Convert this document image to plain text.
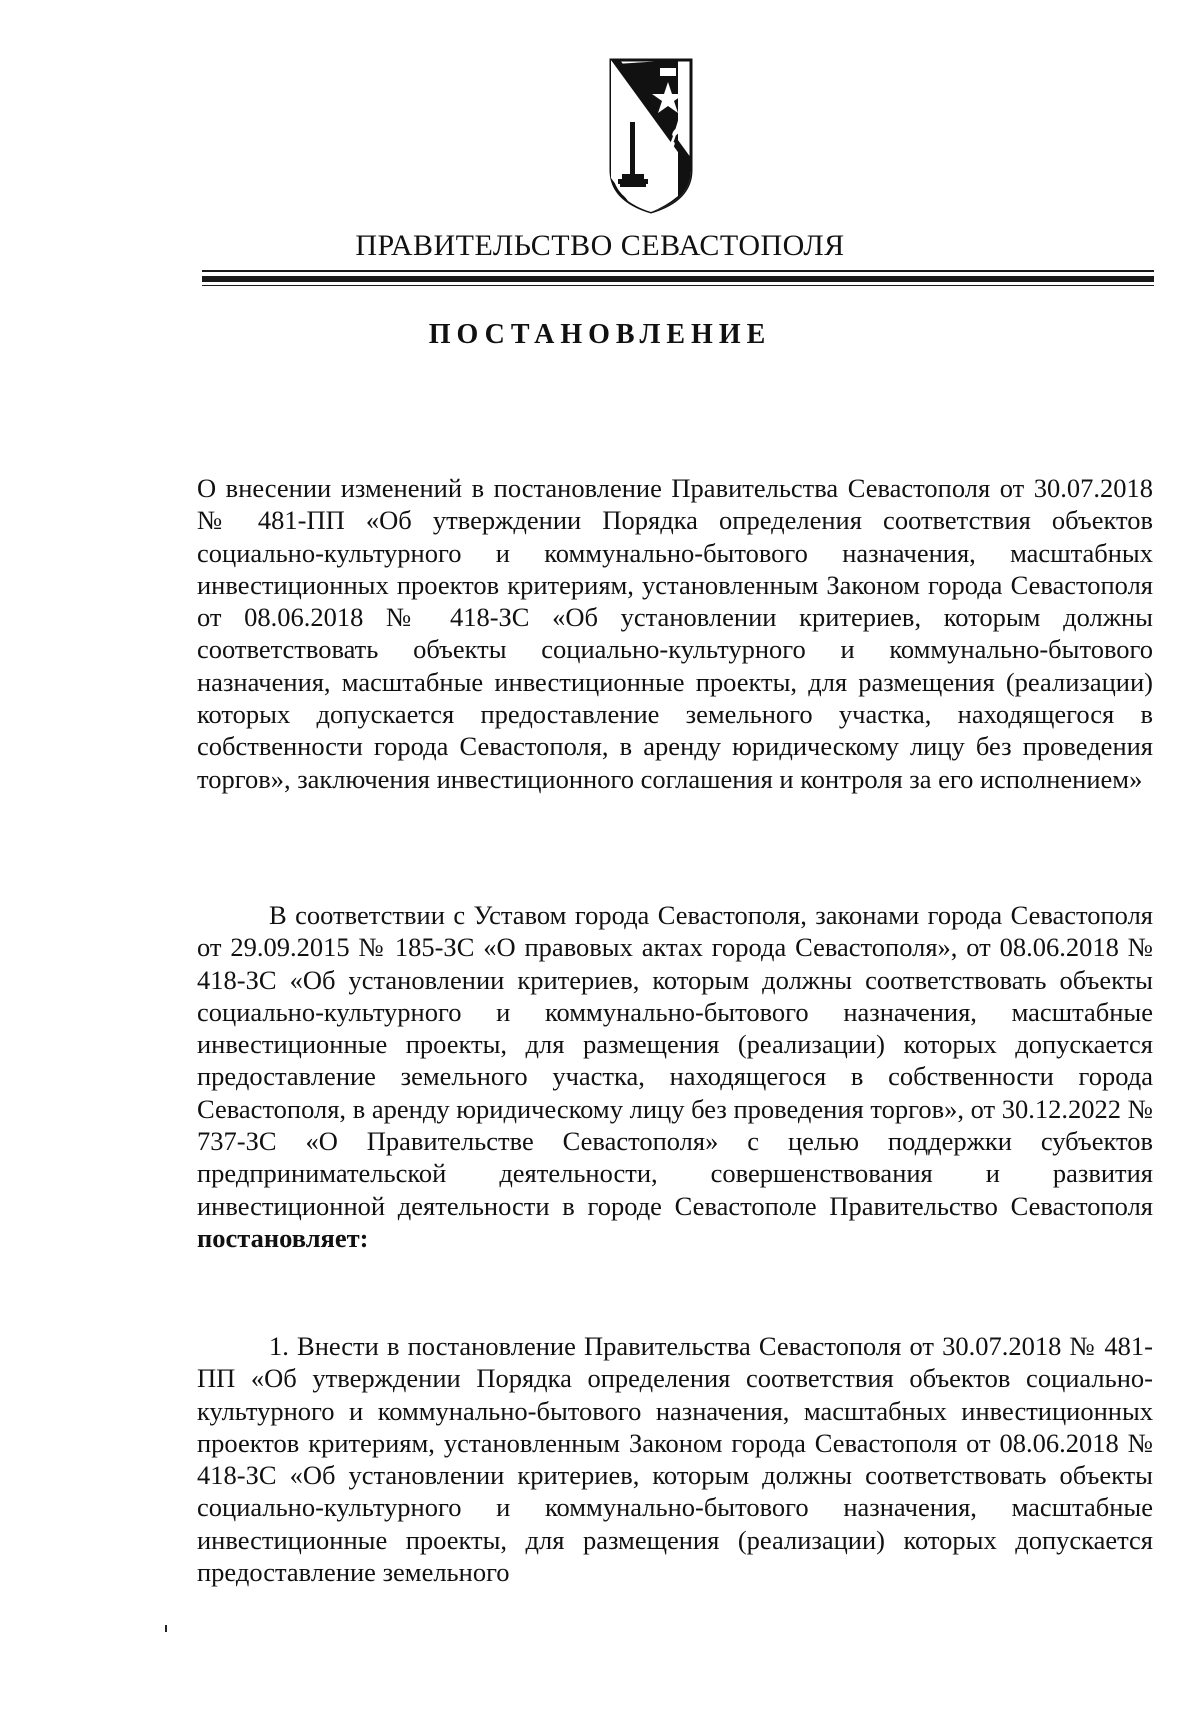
ПРАВИТЕЛЬСТВО СЕВАСТОПОЛЯ
ПОСТАНОВЛЕНИЕ

О внесении изменений в постановление Правительства Севастополя от 30.07.2018 № 481-ПП «Об утверждении Порядка определения соответствия объектов социально-культурного и коммунально-бытового назначения, масштабных инвестиционных проектов критериям, установленным Законом города Севастополя от 08.06.2018 № 418-ЗС «Об установлении критериев, которым должны соответствовать объекты социально-культурного и коммунально-бытового назначения, масштабные инвестиционные проекты, для размещения (реализации) которых допускается предоставление земельного участка, находящегося в собственности города Севастополя, в аренду юридическому лицу без проведения торгов», заключения инвестиционного соглашения и контроля за его исполнением»

В соответствии с Уставом города Севастополя, законами города Севастополя от 29.09.2015 № 185-ЗС «О правовых актах города Севастополя», от 08.06.2018 № 418-ЗС «Об установлении критериев, которым должны соответствовать объекты социально-культурного и коммунально-бытового назначения, масштабные инвестиционные проекты, для размещения (реализации) которых допускается предоставление земельного участка, находящегося в собственности города Севастополя, в аренду юридическому лицу без проведения торгов», от 30.12.2022 № 737-ЗС «О Правительстве Севастополя» с целью поддержки субъектов предпринимательской деятельности, совершенствования и развития инвестиционной деятельности в городе Севастополе Правительство Севастополя постановляет:

1. Внести в постановление Правительства Севастополя от 30.07.2018 № 481-ПП «Об утверждении Порядка определения соответствия объектов социально-культурного и коммунально-бытового назначения, масштабных инвестиционных проектов критериям, установленным Законом города Севастополя от 08.06.2018 № 418-ЗС «Об установлении критериев, которым должны соответствовать объекты социально-культурного и коммунально-бытового назначения, масштабные инвестиционные проекты, для размещения (реализации) которых допускается предоставление земельного
